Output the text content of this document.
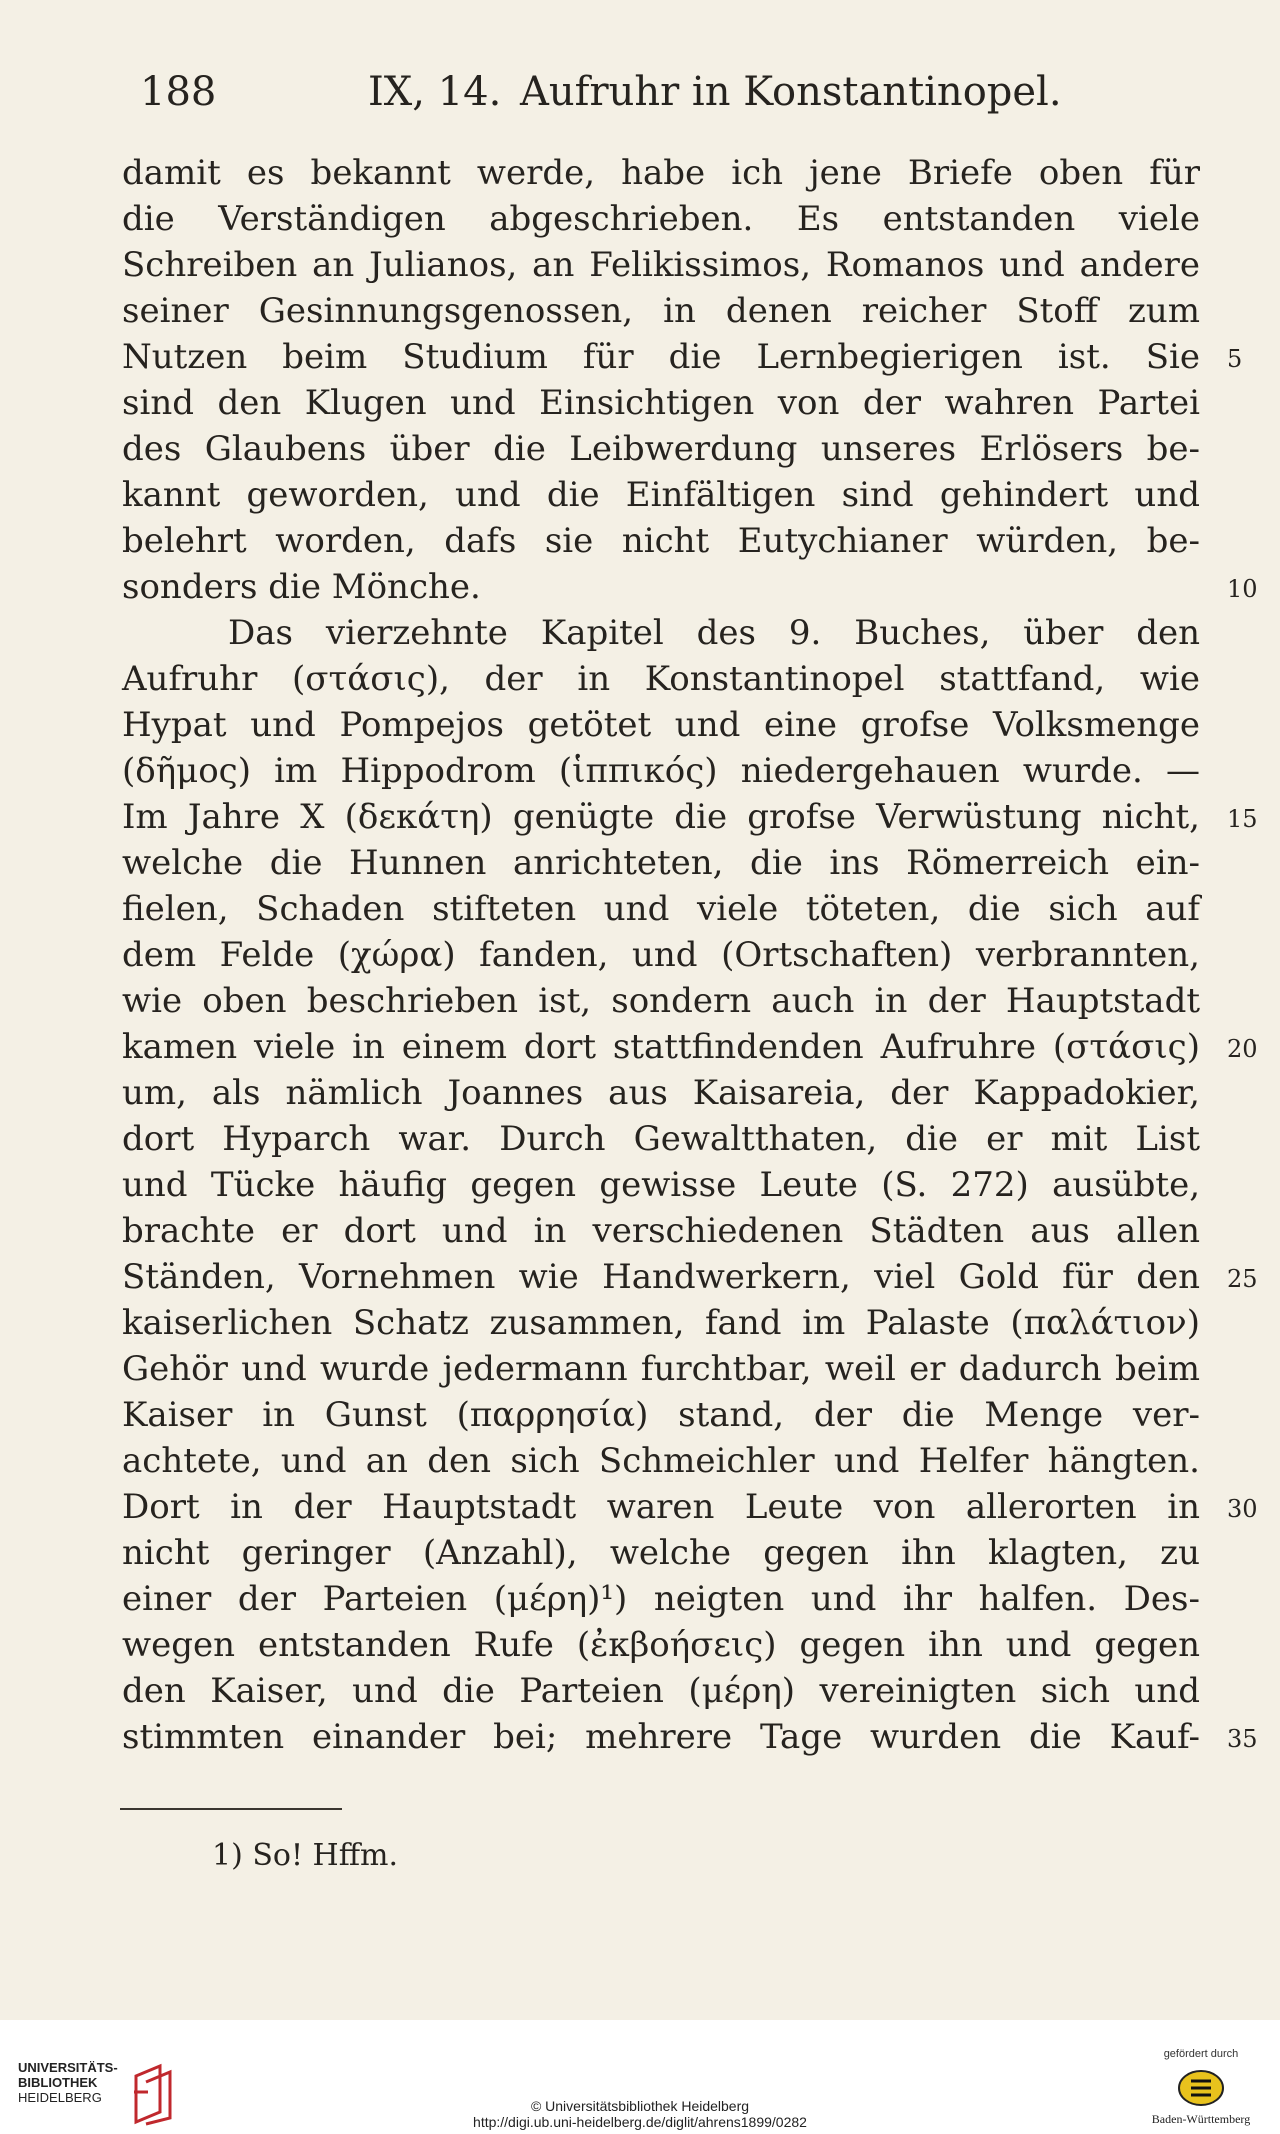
188	IX, 14. Aufruhr in Konstantinopel.
damit es bekannt werde, habe ich jene Briefe oben für
die Verständigen abgeschrieben. Es entstanden viele
Schreiben an Julianos, an Felikissimos, Romanos und andere
seiner Gesinnungsgenossen, in denen reicher Stoff zum
Nutzen beim Studium für die Lernbegierigen ist. Sie 5
sind den Klugen und Einsichtigen von der wahren Partei
des Glaubens über die Leibwerdung unseres Erlösers be-
kannt geworden, und die Einfältigen sind gehindert und
belehrt worden, dafs sie nicht Eutychianer würden, be-
sonders die Mönche.	10
Das vierzehnte Kapitel des 9. Buches, über den
Aufruhr (στάσις), der in Konstantinopel stattfand, wie
Hypat und Pompejos getötet und eine grofse Volksmenge
(δῆμος) im Hippodrom (ἱππικός) niedergehauen wurde. —
Im Jahre X (δεκάτη) genügte die grofse Verwüstung nicht, 15
welche die Hunnen anrichteten, die ins Römerreich ein-
fielen, Schaden stifteten und viele töteten, die sich auf
dem Felde (χώρα) fanden, und (Ortschaften) verbrannten,
wie oben beschrieben ist, sondern auch in der Hauptstadt
kamen viele in einem dort stattfindenden Aufruhre (στάσις) 20
um, als nämlich Joannes aus Kaisareia, der Kappadokier,
dort Hyparch war. Durch Gewaltthaten, die er mit List
und Tücke häufig gegen gewisse Leute (S. 272) ausübte,
brachte er dort und in verschiedenen Städten aus allen
Ständen, Vornehmen wie Handwerkern, viel Gold für den 25
kaiserlichen Schatz zusammen, fand im Palaste (παλάτιον)
Gehör und wurde jedermann furchtbar, weil er dadurch beim
Kaiser in Gunst (παρρησία) stand, der die Menge ver-
achtete, und an den sich Schmeichler und Helfer hängten.
Dort in der Hauptstadt waren Leute von allerorten in 30
nicht geringer (Anzahl), welche gegen ihn klagten, zu
einer der Parteien (μέρη)¹) neigten und ihr halfen. Des-
wegen entstanden Rufe (ἐκβοήσεις) gegen ihn und gegen
den Kaiser, und die Parteien (μέρη) vereinigten sich und
stimmten einander bei; mehrere Tage wurden die Kauf- 35
1) So! Hffm.
UNIVERSITÄTS-
BIBLIOTHEK
HEIDELBERG
© Universitätsbibliothek Heidelberg
http://digi.ub.uni-heidelberg.de/diglit/ahrens1899/0282
gefördert durch
Baden-Württemberg
